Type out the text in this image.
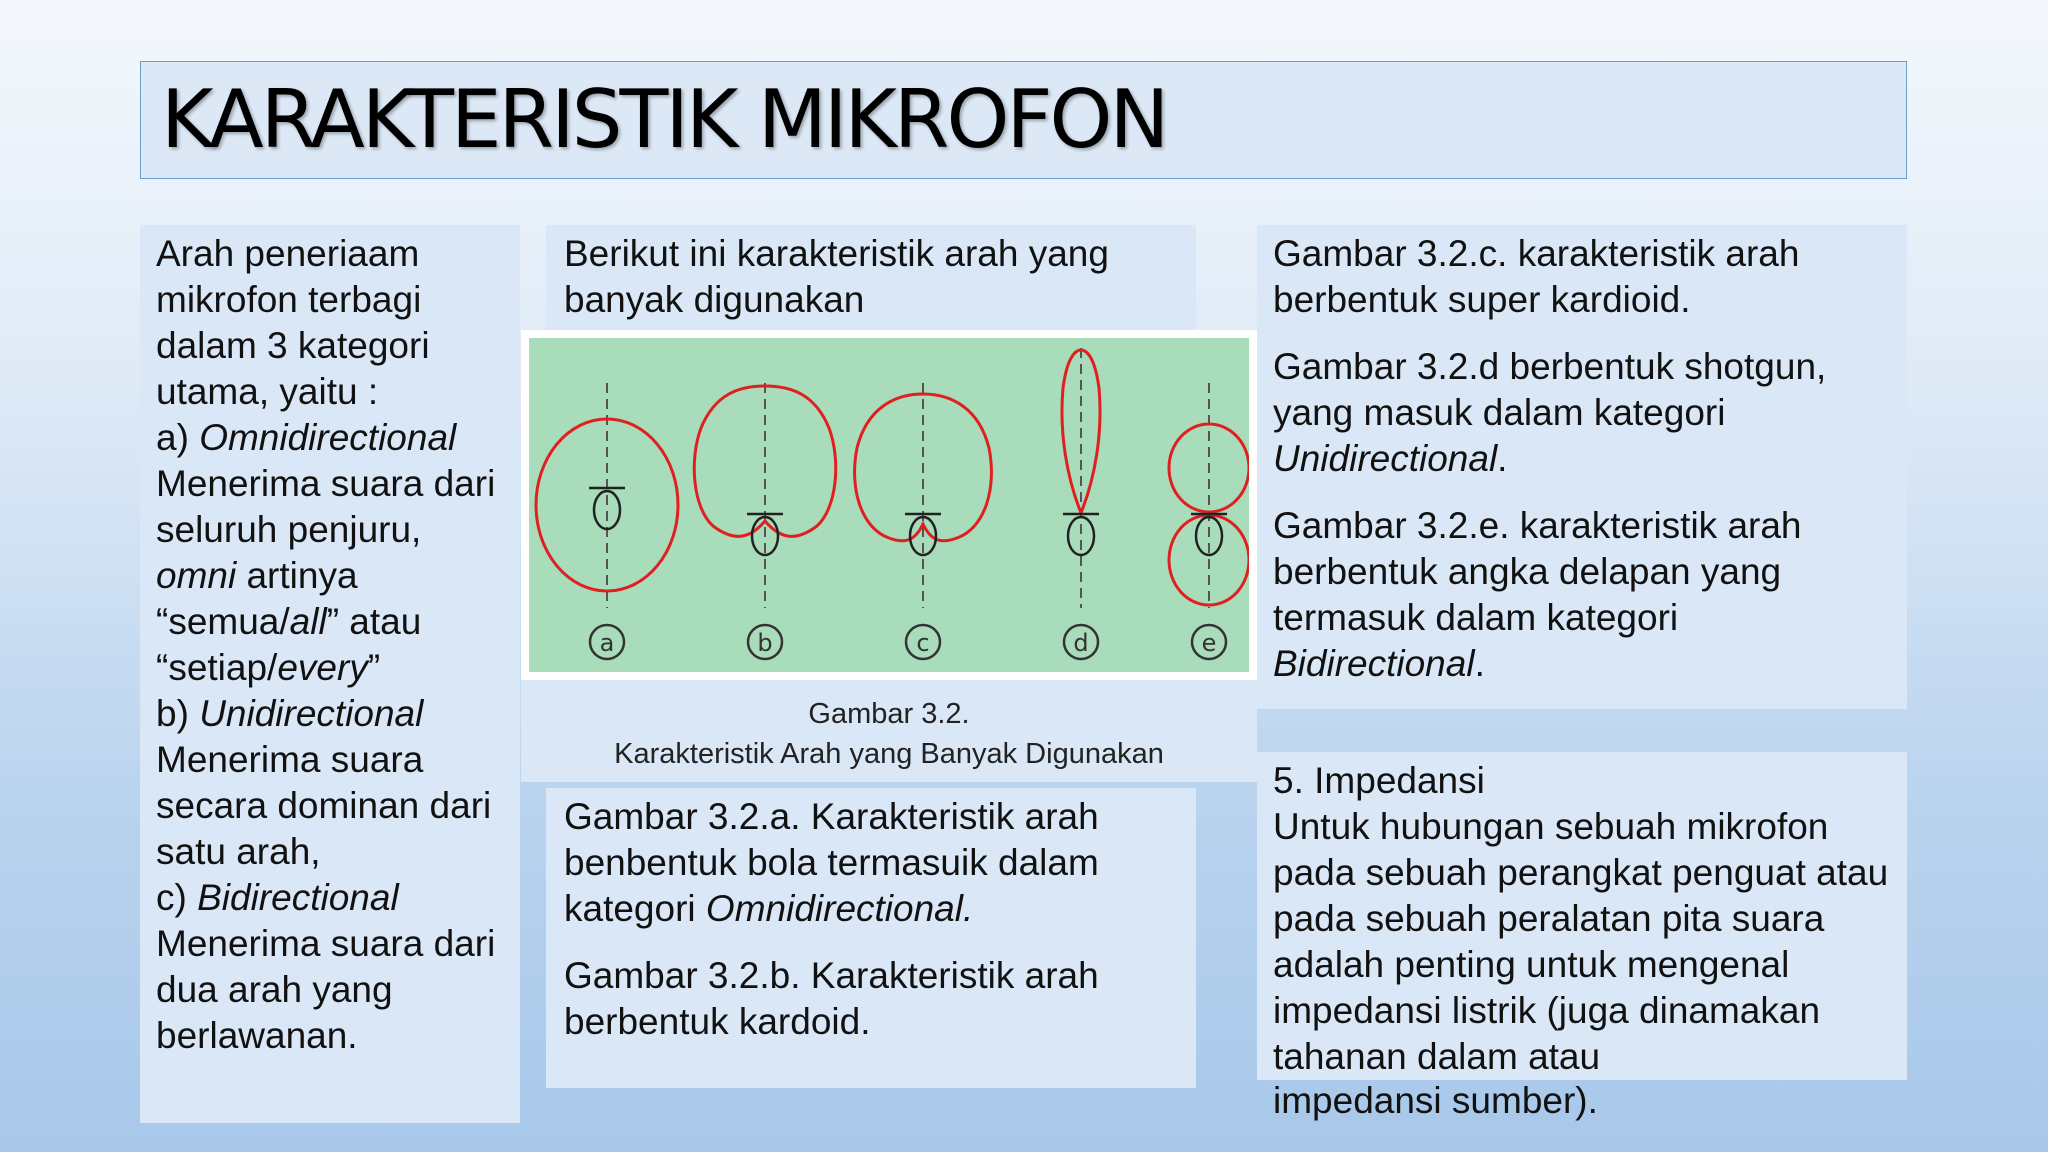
KARAKTERISTIK MIKROFON

Arah peneriaam mikrofon terbagi dalam 3 kategori utama, yaitu :

a) Omnidirectional

Menerima suara dari seluruh penjuru, omni artinya “semua/all” atau “setiap/every”

b) Unidirectional

Menerima suara secara dominan dari satu arah,

c) Bidirectional

Menerima suara dari dua arah yang berlawanan.

Berikut ini karakteristik arah yang banyak digunakan

a	b	c	d	e
Gambar 3.2.
Karakteristik Arah yang Banyak Digunakan

Gambar 3.2.a. Karakteristik arah benbentuk bola termasuik dalam kategori Omnidirectional.

Gambar 3.2.b. Karakteristik arah berbentuk kardoid.

Gambar 3.2.c. karakteristik arah berbentuk super kardioid.

Gambar 3.2.d berbentuk shotgun, yang masuk dalam kategori Unidirectional.

Gambar 3.2.e. karakteristik arah berbentuk angka delapan yang termasuk dalam kategori Bidirectional.

5. Impedansi

Untuk hubungan sebuah mikrofon pada sebuah perangkat penguat atau pada sebuah peralatan pita suara adalah penting untuk mengenal impedansi listrik (juga dinamakan tahanan dalam atau

impedansi sumber).
